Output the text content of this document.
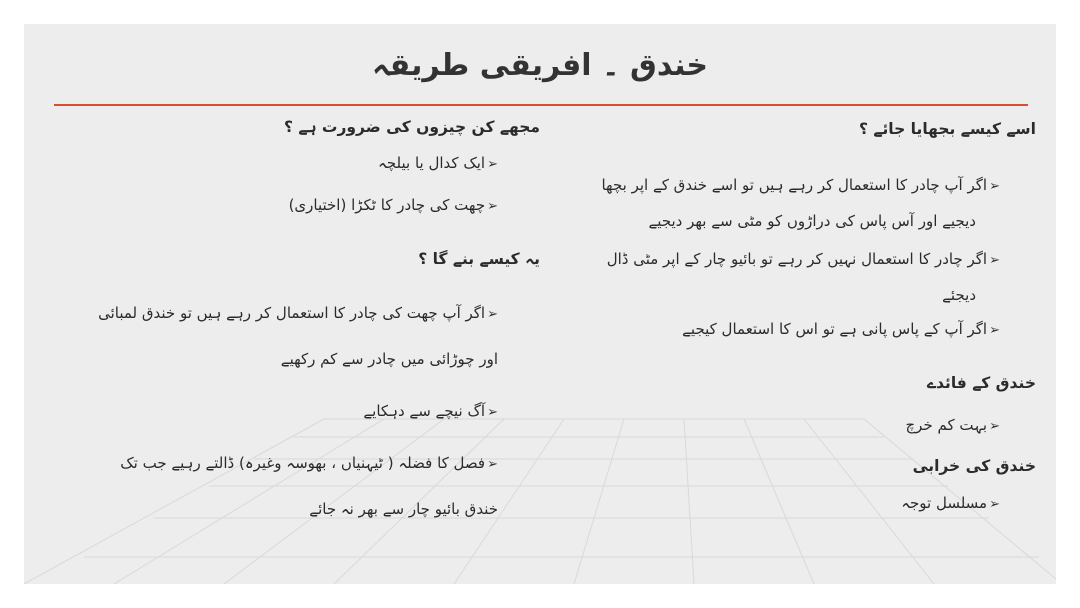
خندق ۔ افریقی طریقہ
مجھے کن چیزوں کی ضرورت ہے ؟
➢ایک کدال یا بیلچہ
➢چھت کی چادر کا ٹکڑا (اختیاری)
یہ کیسے بنے گا ؟
➢اگر آپ چھت کی چادر کا استعمال کر رہے ہیں تو خندق لمبائی
اور چوڑائی میں چادر سے کم رکھیے
➢آگ نیچے سے دہکایے
➢فصل کا فضلہ ( ٹیہنیاں ، بھوسہ وغیرہ) ڈالتے رہیے جب تک
خندق بائیو چار سے بھر نہ جائے
اسے کیسے بجھایا جائے ؟
➢اگر آپ چادر کا استعمال کر رہے ہیں تو اسے خندق کے اپر بچھا
دیجیے اور آس پاس کی دراڑوں کو مٹی سے بھر دیجیے
➢اگر چادر کا استعمال نہیں کر رہے تو بائیو چار کے اپر مٹی ڈال
دیجئے
➢اگر آپ کے پاس پانی ہے تو اس کا استعمال کیجیے
خندق کے فائدے
➢بہت کم خرچ
خندق کی خرابی
➢مسلسل توجہ
